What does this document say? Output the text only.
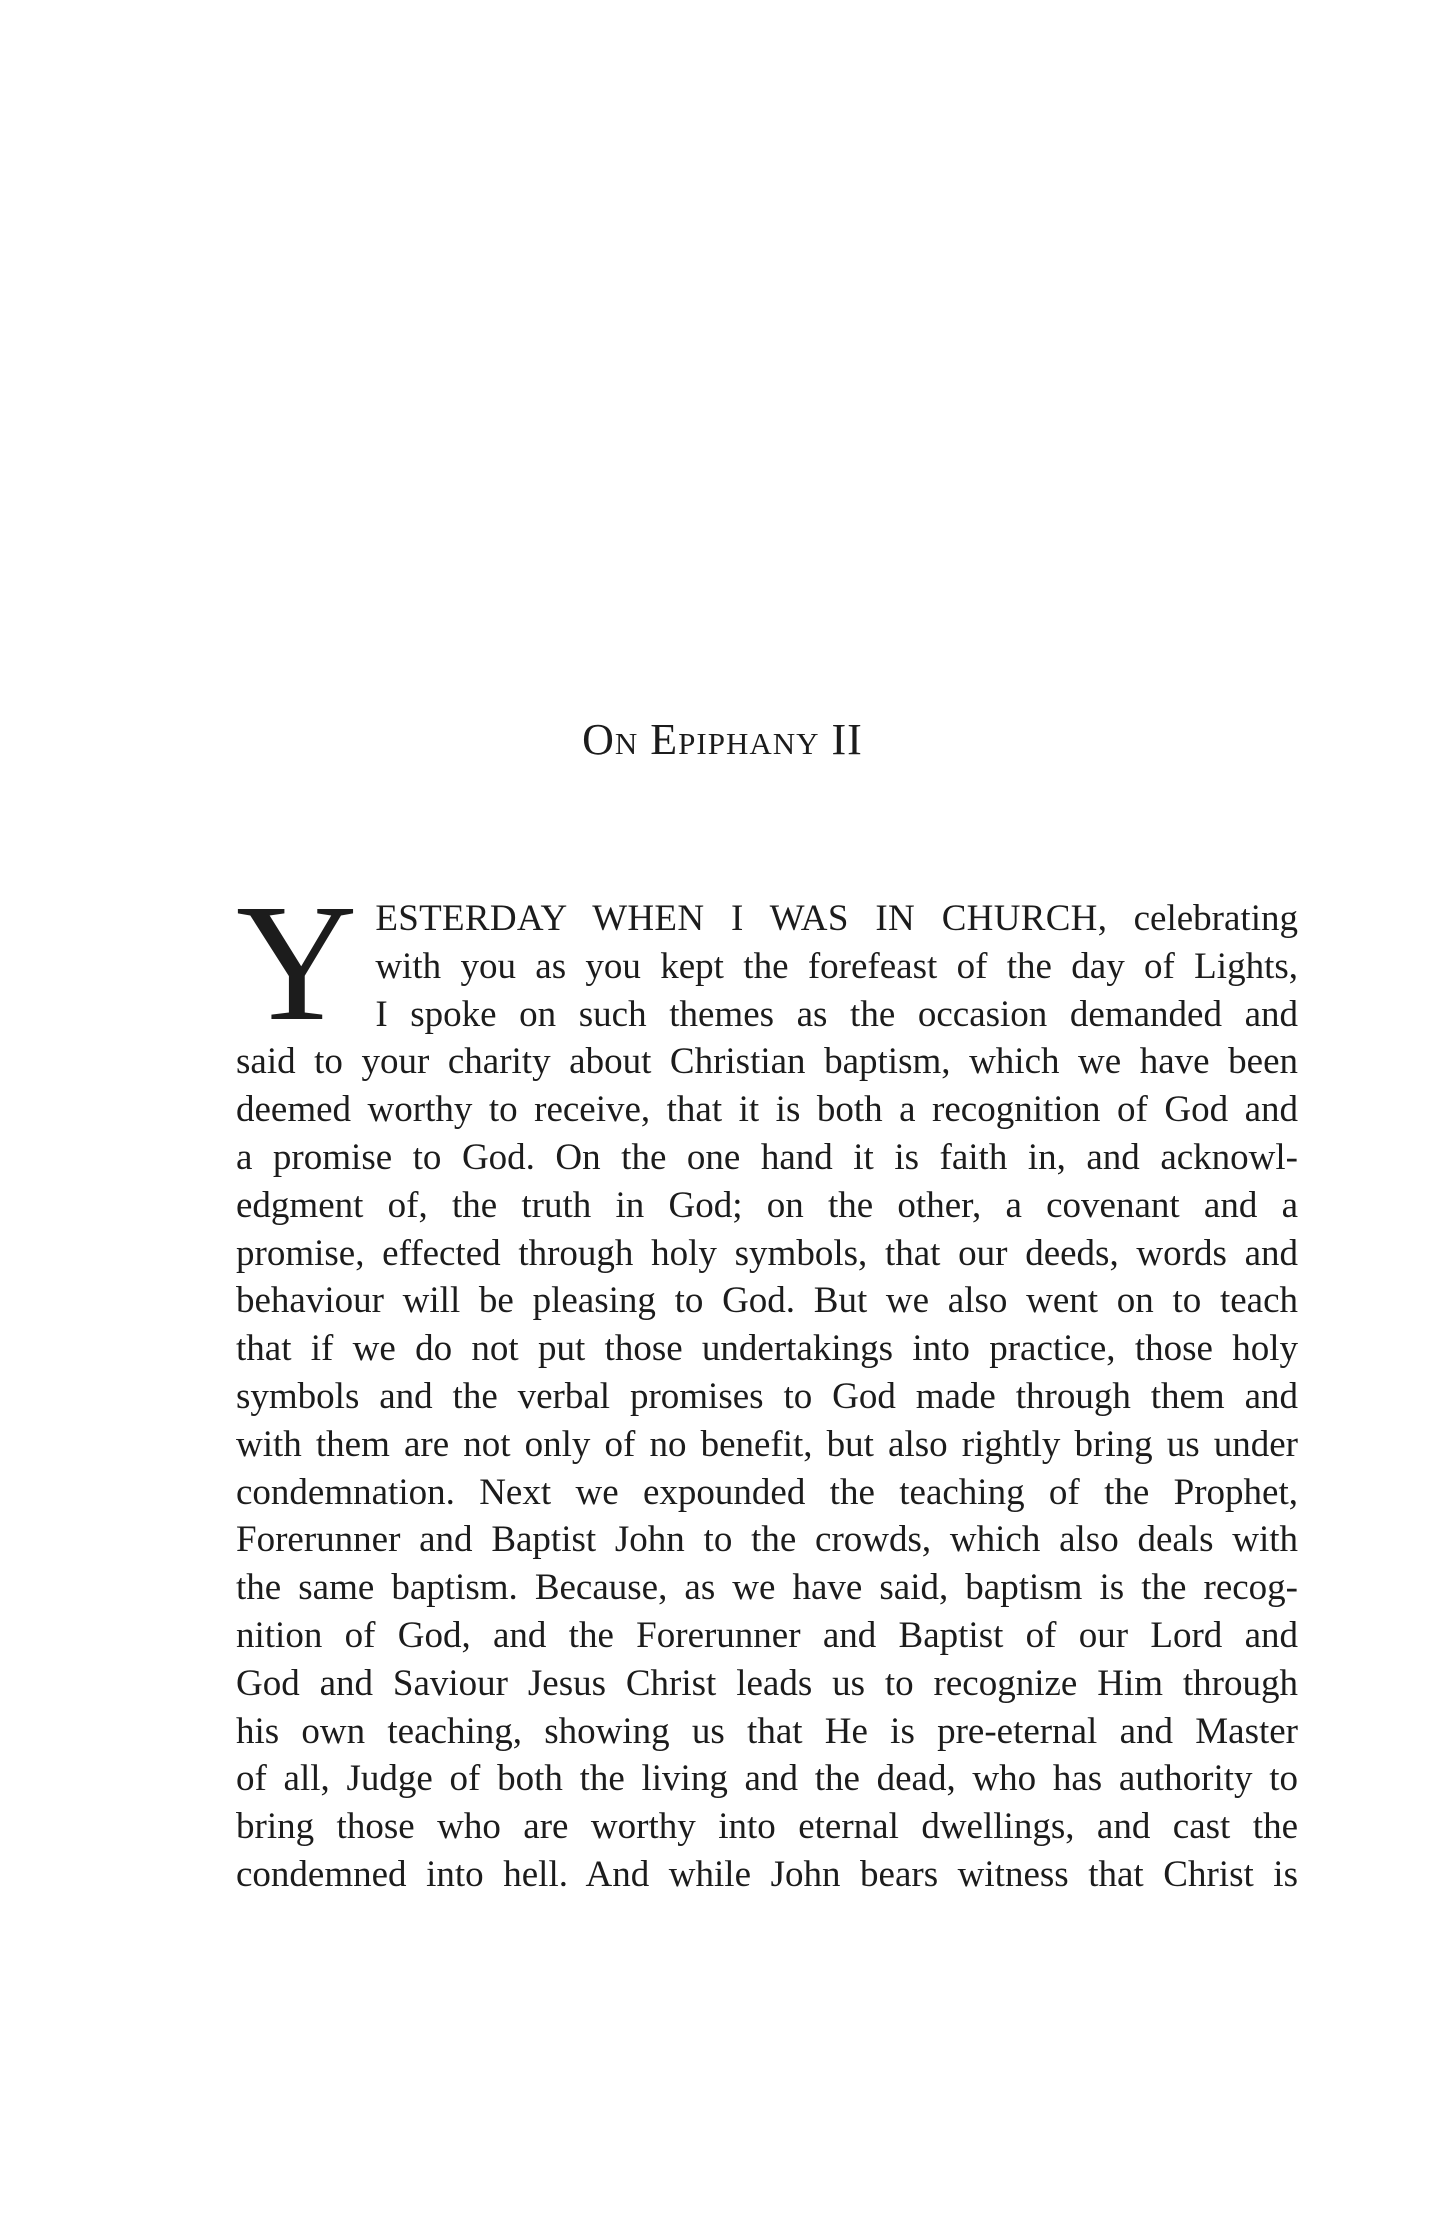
On Epiphany II
Y ESTERDAY WHEN I WAS IN CHURCH, celebrating
with you as you kept the forefeast of the day of Lights,
I spoke on such themes as the occasion demanded and
said to your charity about Christian baptism, which we have been
deemed worthy to receive, that it is both a recognition of God and
a promise to God. On the one hand it is faith in, and acknowl-
edgment of, the truth in God; on the other, a covenant and a
promise, effected through holy symbols, that our deeds, words and
behaviour will be pleasing to God. But we also went on to teach
that if we do not put those undertakings into practice, those holy
symbols and the verbal promises to God made through them and
with them are not only of no benefit, but also rightly bring us under
condemnation. Next we expounded the teaching of the Prophet,
Forerunner and Baptist John to the crowds, which also deals with
the same baptism. Because, as we have said, baptism is the recog-
nition of God, and the Forerunner and Baptist of our Lord and
God and Saviour Jesus Christ leads us to recognize Him through
his own teaching, showing us that He is pre-eternal and Master
of all, Judge of both the living and the dead, who has authority to
bring those who are worthy into eternal dwellings, and cast the
condemned into hell. And while John bears witness that Christ is
